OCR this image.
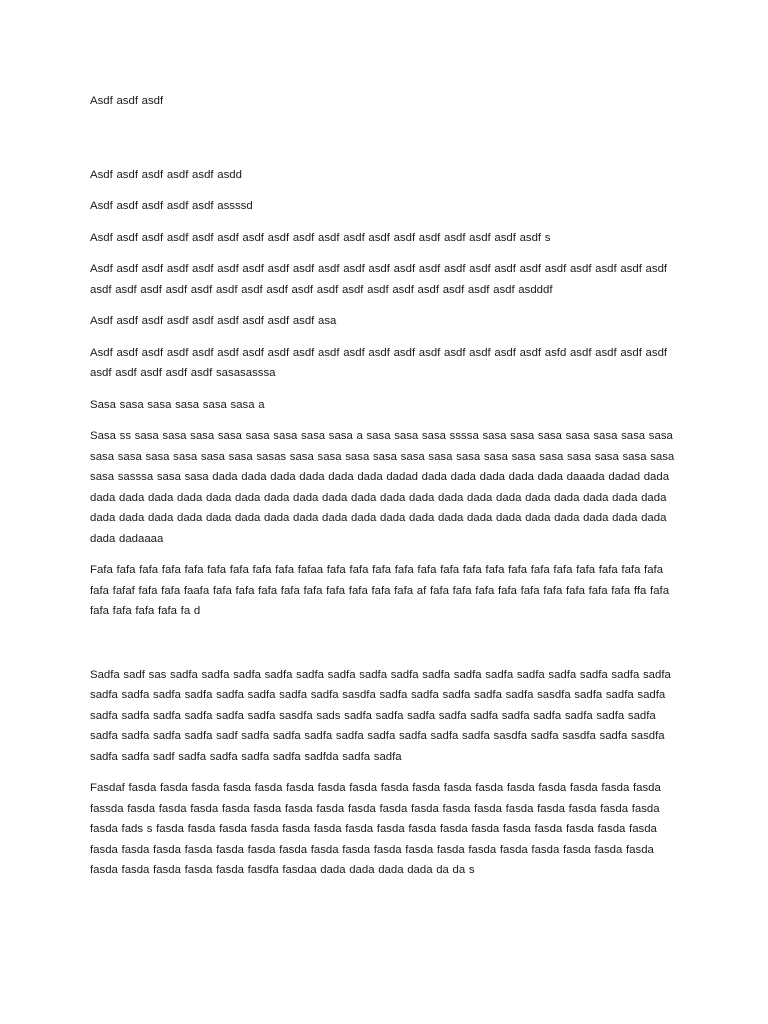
Asdf asdf asdf

Asdf asdf asdf asdf asdf asdd

Asdf asdf asdf asdf asdf assssd

Asdf asdf asdf asdf asdf asdf asdf asdf asdf asdf asdf asdf asdf asdf asdf asdf asdf asdf s

Asdf asdf asdf asdf asdf asdf asdf asdf asdf asdf asdf asdf asdf asdf asdf asdf asdf asdf asdf asdf asdf asdf asdf asdf asdf asdf asdf asdf asdf asdf asdf asdf asdf asdf asdf asdf asdf asdf asdf asdf asdddf

Asdf asdf asdf asdf asdf asdf asdf asdf asdf asa

Asdf asdf asdf asdf asdf asdf asdf asdf asdf asdf asdf asdf asdf asdf asdf asdf asdf asdf asfd asdf asdf asdf asdf asdf asdf asdf asdf asdf sasasasssa

Sasa sasa sasa sasa sasa sasa a

Sasa ss sasa sasa sasa sasa sasa sasa sasa sasa a sasa sasa sasa ssssa sasa sasa sasa sasa sasa sasa sasa sasa sasa sasa sasa sasa sasa sasas sasa sasa sasa sasa sasa sasa sasa sasa sasa sasa sasa sasa sasa sasa sasa sasssa sasa sasa dada dada dada dada dada dada dadad dada dada dada dada dada daaada dadad dada dada dada dada dada dada dada dada dada dada dada dada dada dada dada dada dada dada dada dada dada dada dada dada dada dada dada dada dada dada dada dada dada dada dada dada dada dada dada dada dada dada dadaaaa

Fafa fafa fafa fafa fafa fafa fafa fafa fafa fafaa fafa fafa fafa fafa fafa fafa fafa fafa fafa fafa fafa fafa fafa fafa fafa fafa fafaf fafa fafa faafa fafa fafa fafa fafa fafa fafa fafa fafa fafa af fafa fafa fafa fafa fafa fafa fafa fafa fafa ffa fafa fafa fafa fafa fafa fa d

Sadfa sadf sas sadfa sadfa sadfa sadfa sadfa sadfa sadfa sadfa sadfa sadfa sadfa sadfa sadfa sadfa sadfa sadfa sadfa sadfa sadfa sadfa sadfa sadfa sadfa sadfa sasdfa sadfa sadfa sadfa sadfa sadfa sasdfa sadfa sadfa sadfa sadfa sadfa sadfa sadfa sadfa sadfa sasdfa sads sadfa sadfa sadfa sadfa sadfa sadfa sadfa sadfa sadfa sadfa sadfa sadfa sadfa sadfa sadf sadfa sadfa sadfa sadfa sadfa sadfa sadfa sadfa sasdfa sadfa sasdfa sadfa sasdfa sadfa sadfa sadf sadfa sadfa sadfa sadfa sadfda sadfa sadfa

Fasdaf fasda fasda fasda fasda fasda fasda fasda fasda fasda fasda fasda fasda fasda fasda fasda fasda fasda fassda fasda fasda fasda fasda fasda fasda fasda fasda fasda fasda fasda fasda fasda fasda fasda fasda fasda fasda fads s fasda fasda fasda fasda fasda fasda fasda fasda fasda fasda fasda fasda fasda fasda fasda fasda fasda fasda fasda fasda fasda fasda fasda fasda fasda fasda fasda fasda fasda fasda fasda fasda fasda fasda fasda fasda fasda fasda fasda fasdfa fasdaa dada dada dada dada da da s
